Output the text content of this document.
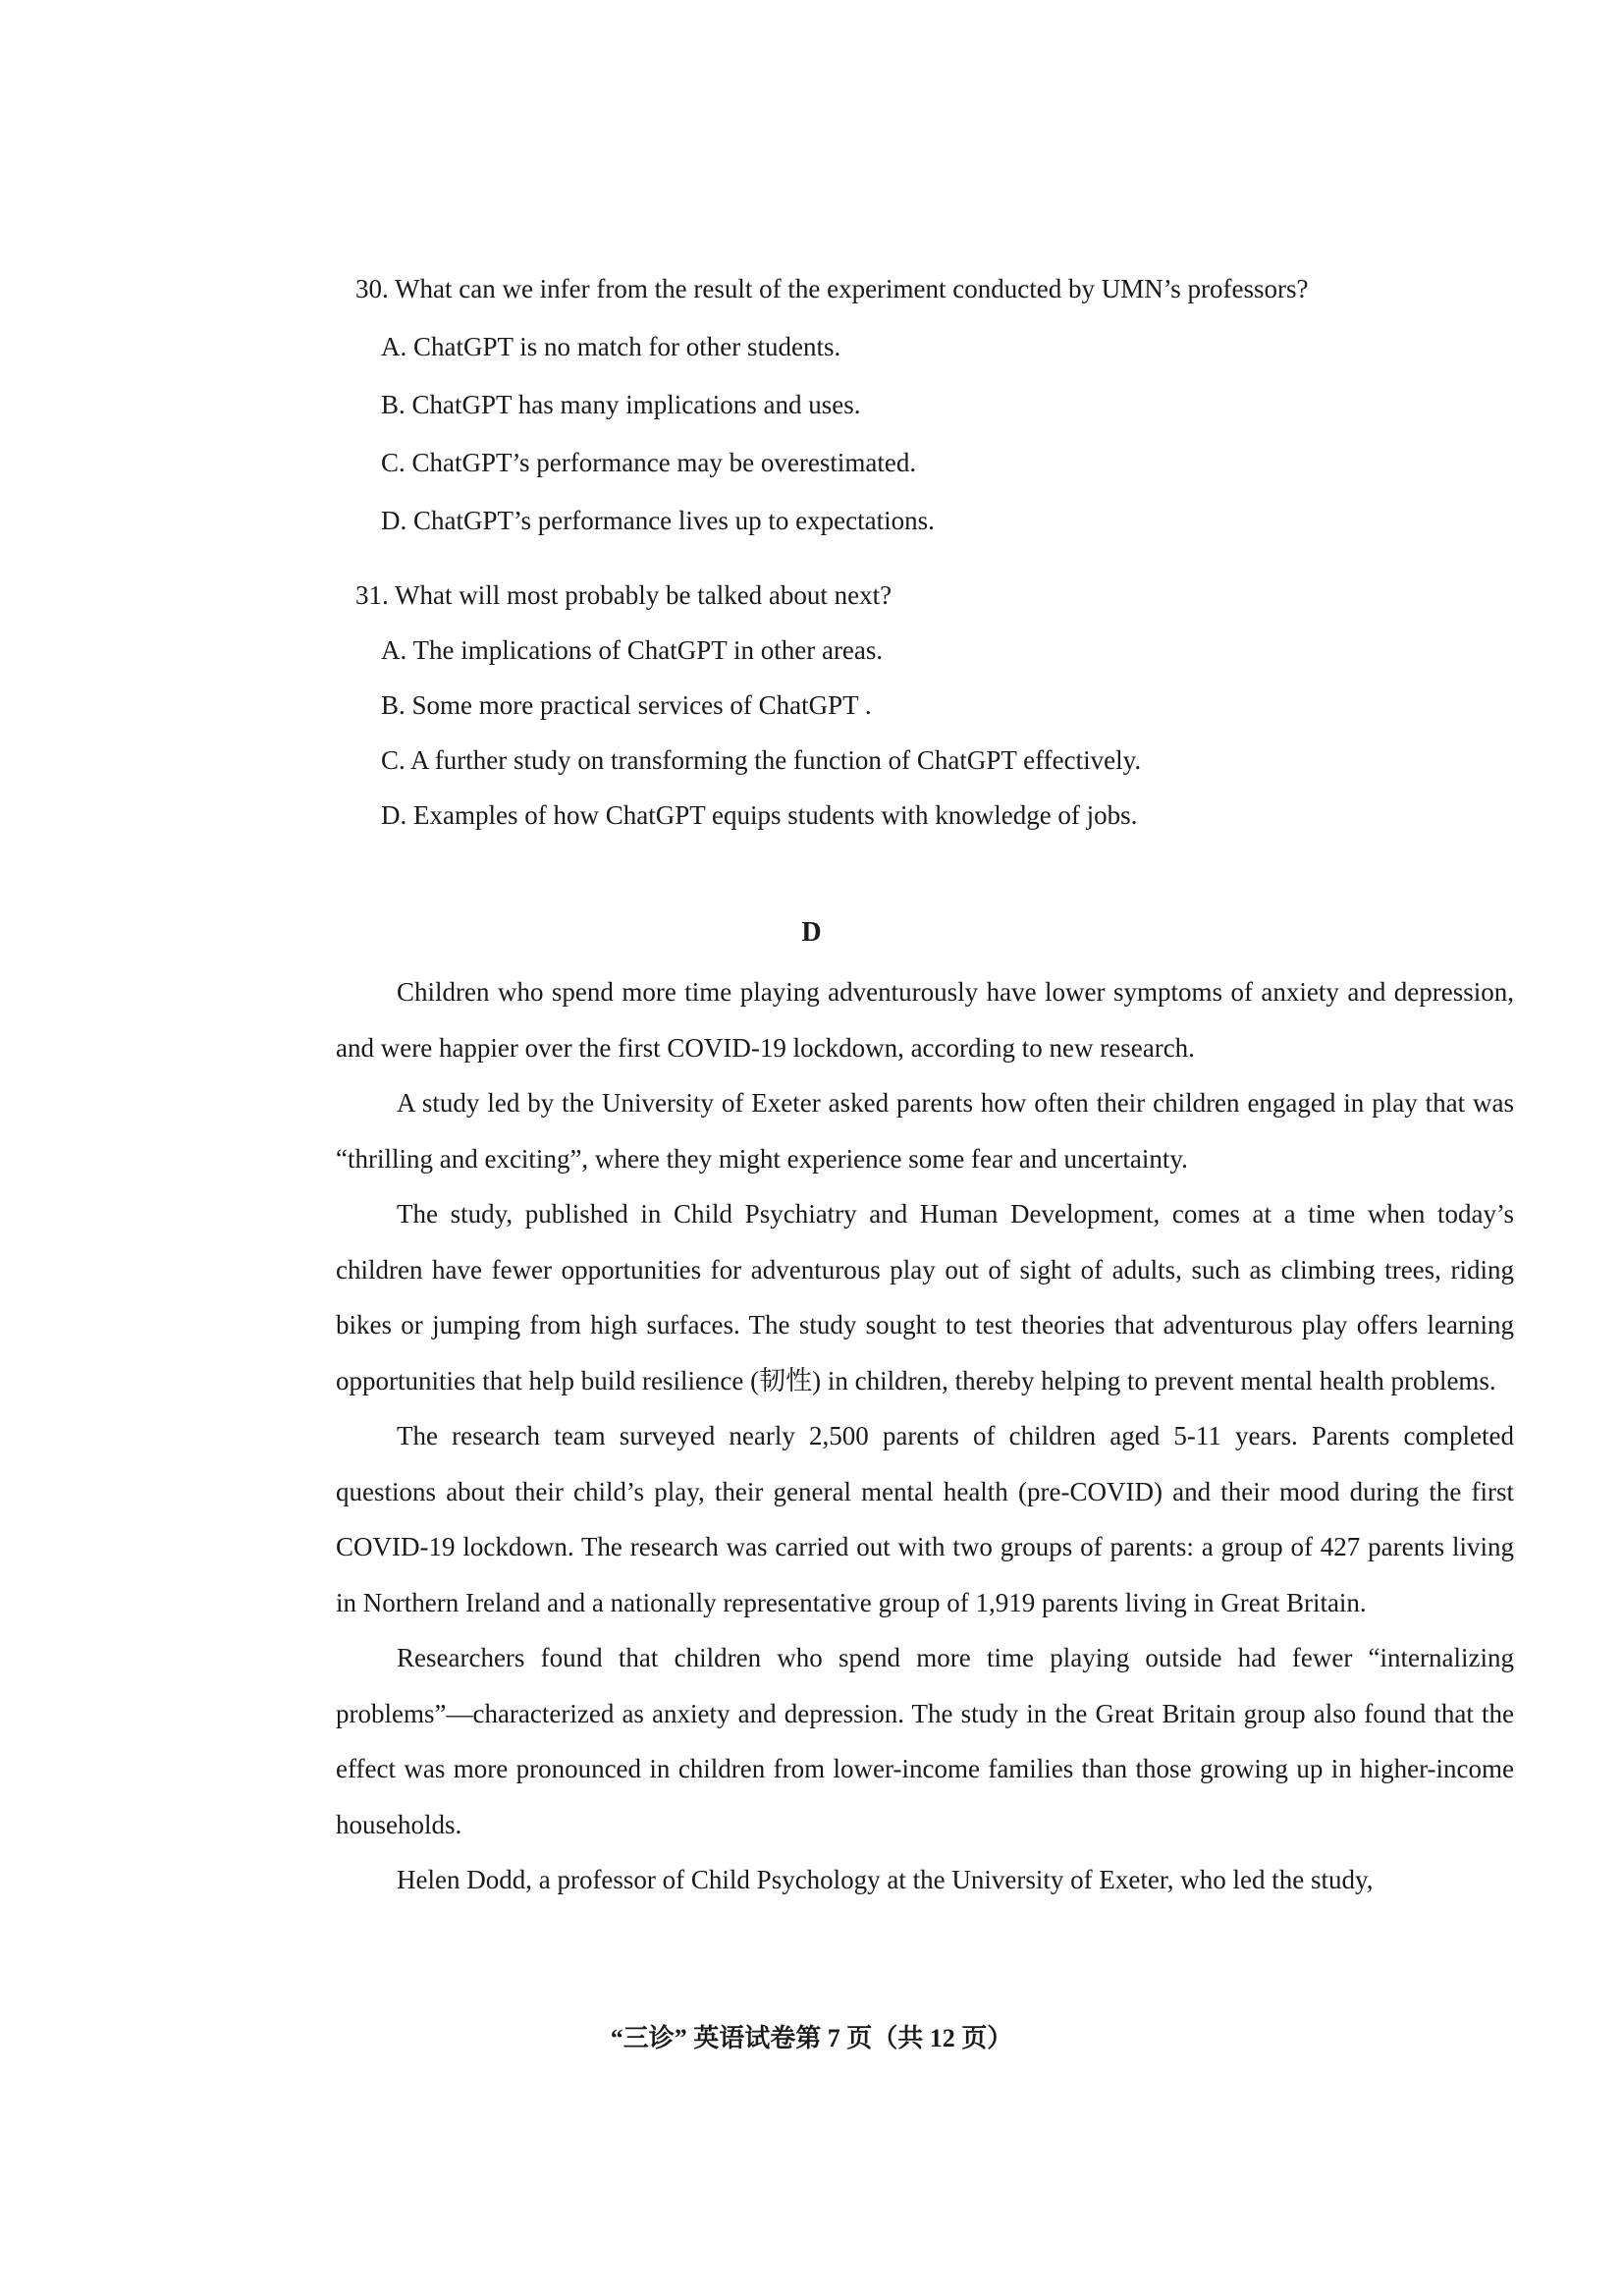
30. What can we infer from the result of the experiment conducted by UMN’s professors?

A. ChatGPT is no match for other students.
B. ChatGPT has many implications and uses.
C. ChatGPT’s performance may be overestimated.
D. ChatGPT’s performance lives up to expectations.

31. What will most probably be talked about next?

A. The implications of ChatGPT in other areas.
B. Some more practical services of ChatGPT .
C. A further study on transforming the function of ChatGPT effectively.
D. Examples of how ChatGPT equips students with knowledge of jobs.
D

Children who spend more time playing adventurously have lower symptoms of anxiety and depression, and were happier over the first COVID-19 lockdown, according to new research.

A study led by the University of Exeter asked parents how often their children engaged in play that was “thrilling and exciting”, where they might experience some fear and uncertainty.

The study, published in Child Psychiatry and Human Development, comes at a time when today’s children have fewer opportunities for adventurous play out of sight of adults, such as climbing trees, riding bikes or jumping from high surfaces. The study sought to test theories that adventurous play offers learning opportunities that help build resilience (韧性) in children, thereby helping to prevent mental health problems.

The research team surveyed nearly 2,500 parents of children aged 5-11 years. Parents completed questions about their child’s play, their general mental health (pre-COVID) and their mood during the first COVID-19 lockdown. The research was carried out with two groups of parents: a group of 427 parents living in Northern Ireland and a nationally representative group of 1,919 parents living in Great Britain.

Researchers found that children who spend more time playing outside had fewer “internalizing problems”—characterized as anxiety and depression. The study in the Great Britain group also found that the effect was more pronounced in children from lower-income families than those growing up in higher-income households.

Helen Dodd, a professor of Child Psychology at the University of Exeter, who led the study,

“三诊” 英语试卷第 7 页（共 12 页）
